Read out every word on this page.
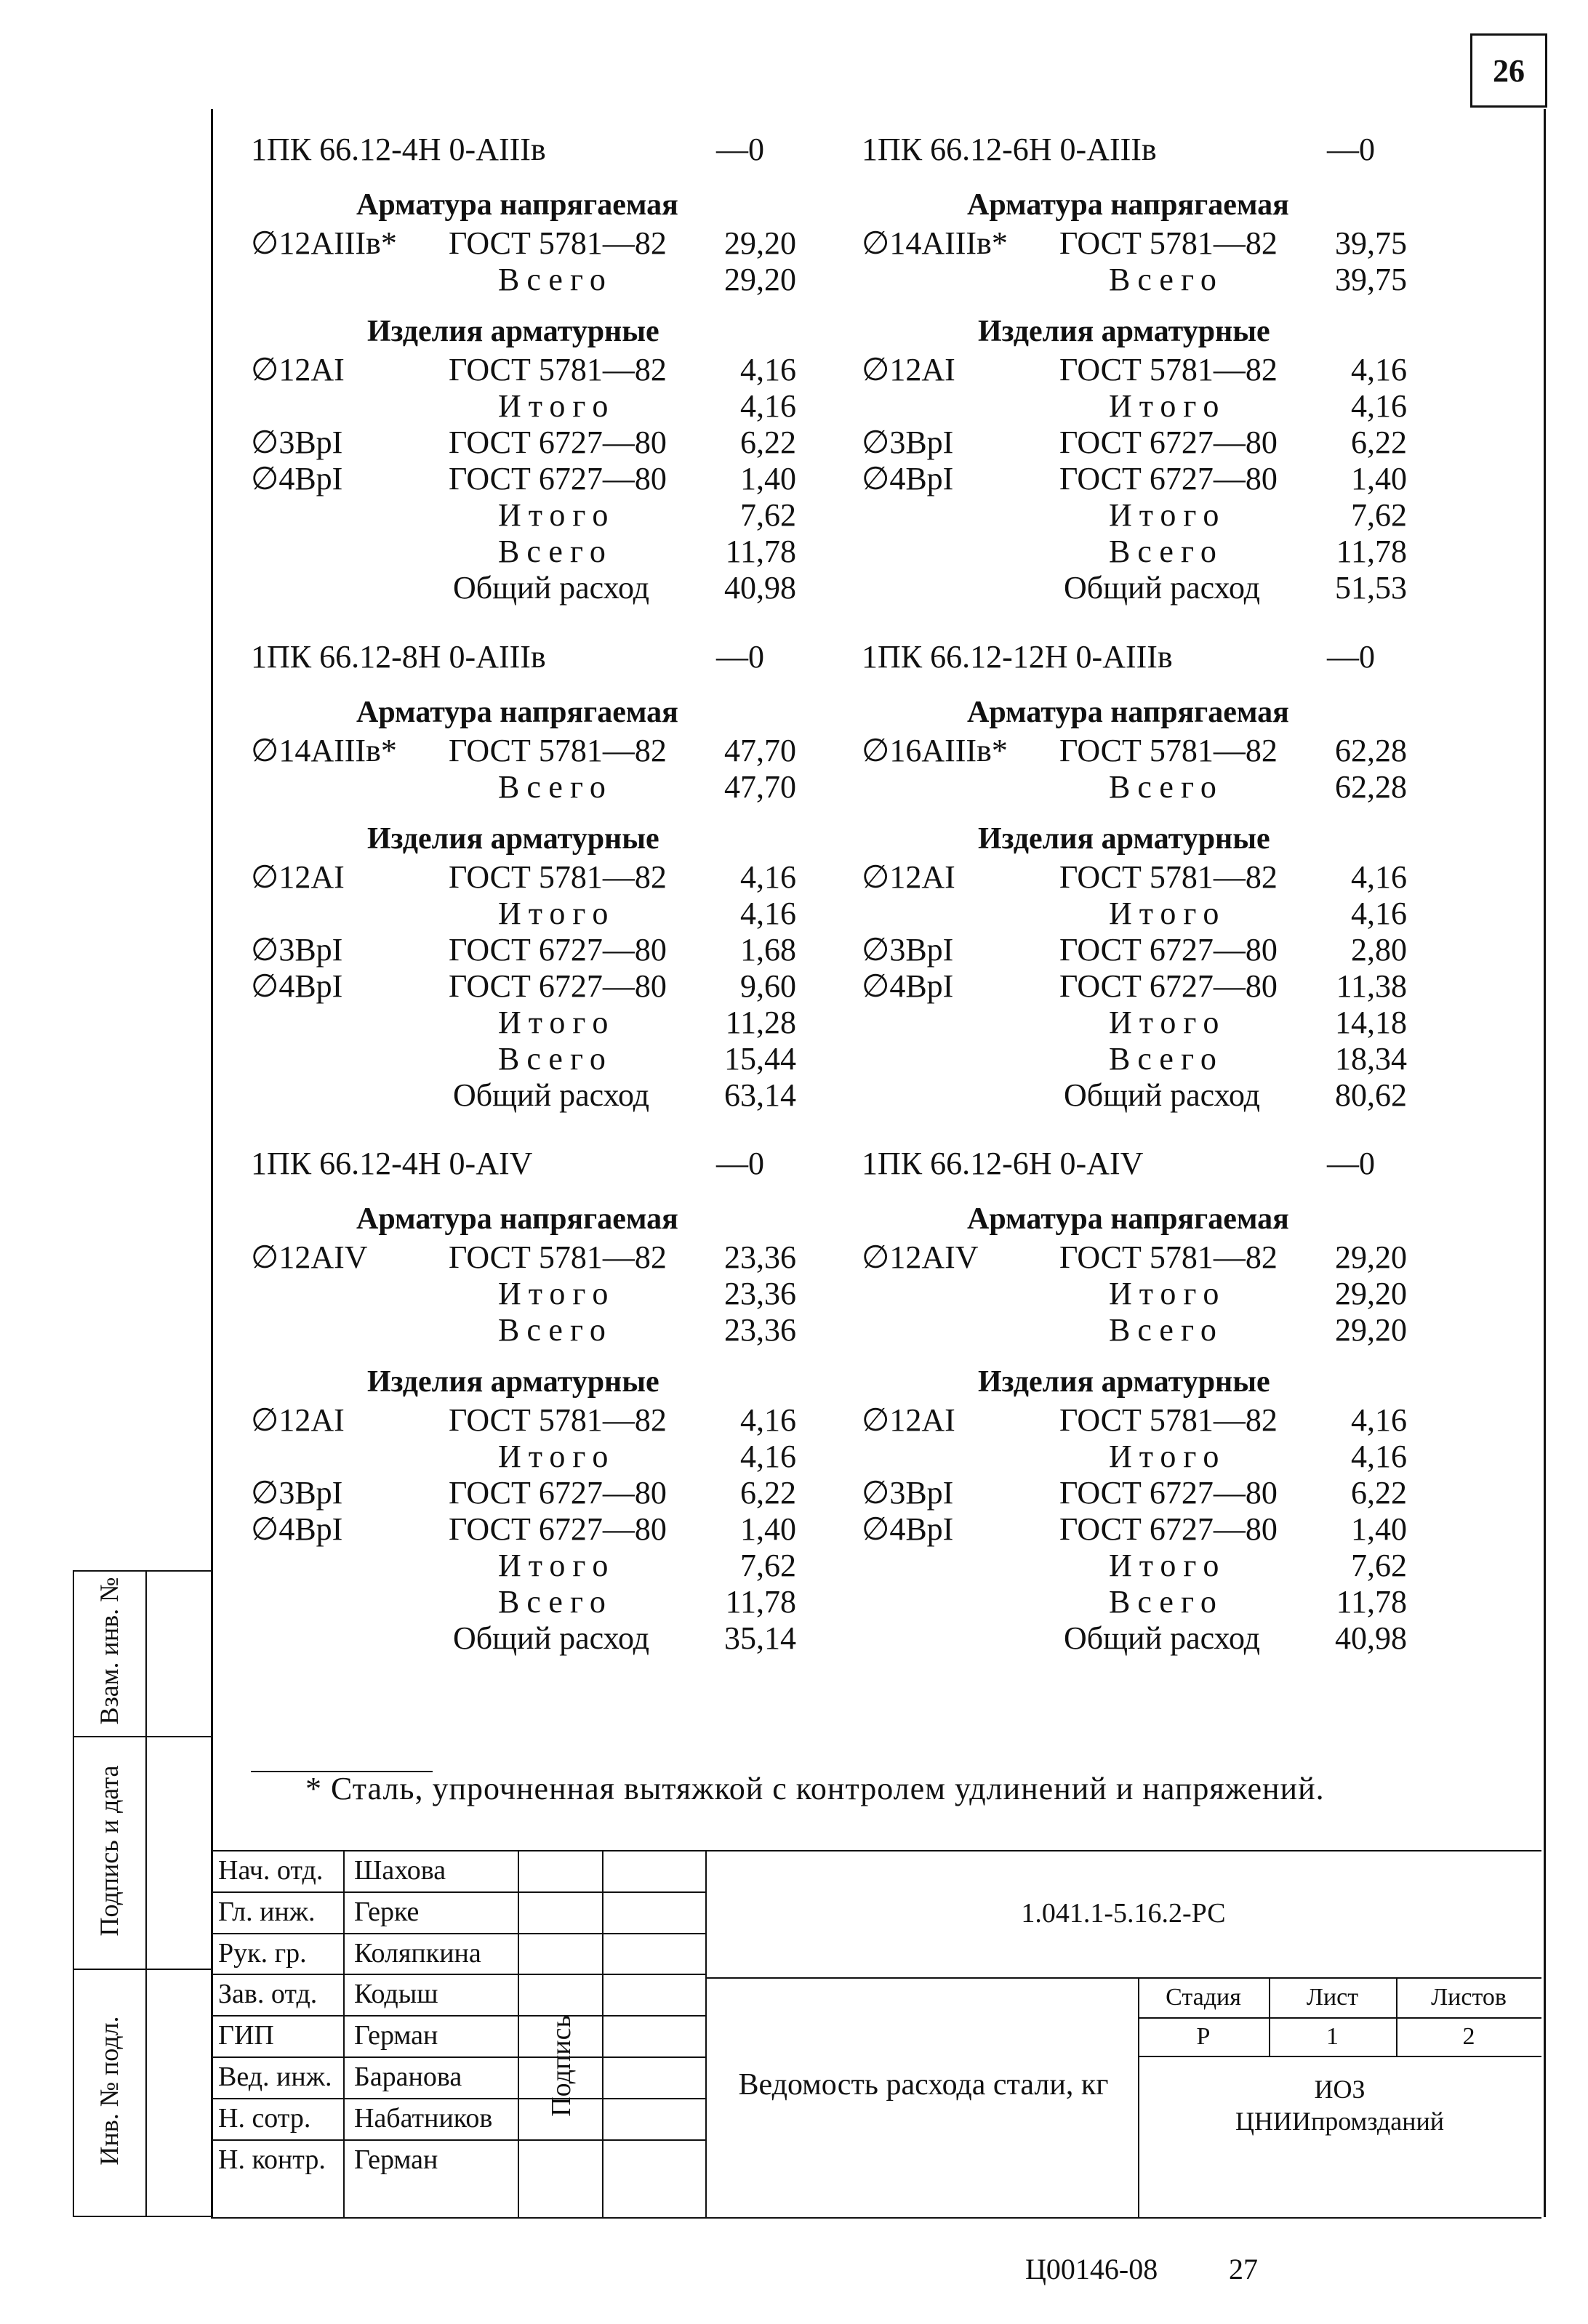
26
1ПК 66.12-4Н 0-АIIIв	—0
Арматура напрягаемая
∅12АIIIв* ГОСТ 5781—82	29,20
Всего	29,20
Изделия арматурные
∅12АI	ГОСТ 5781—82	4,16
Итого	4,16
∅3ВрI	ГОСТ 6727—80	6,22
∅4ВрI	ГОСТ 6727—80	1,40
Итого	7,62
Всего	11,78
Общий расход	40,98
1ПК 66.12-6Н 0-АIIIв	—0
Арматура напрягаемая
∅14АIIIв* ГОСТ 5781—82	39,75
Всего	39,75
Изделия арматурные
∅12АI	ГОСТ 5781—82	4,16
Итого	4,16
∅3ВрI	ГОСТ 6727—80	6,22
∅4ВрI	ГОСТ 6727—80	1,40
Итого	7,62
Всего	11,78
Общий расход	51,53
1ПК 66.12-8Н 0-АIIIв	—0
Арматура напрягаемая
∅14АIIIв* ГОСТ 5781—82	47,70
Всего	47,70
Изделия арматурные
∅12АI	ГОСТ 5781—82	4,16
Итого	4,16
∅3ВрI	ГОСТ 6727—80	1,68
∅4ВрI	ГОСТ 6727—80	9,60
Итого	11,28
Всего	15,44
Общий расход	63,14
1ПК 66.12-12Н 0-АIIIв	—0
Арматура напрягаемая
∅16АIIIв* ГОСТ 5781—82	62,28
Всего	62,28
Изделия арматурные
∅12АI	ГОСТ 5781—82	4,16
Итого	4,16
∅3ВрI	ГОСТ 6727—80	2,80
∅4ВрI	ГОСТ 6727—80	11,38
Итого	14,18
Всего	18,34
Общий расход	80,62
1ПК 66.12-4Н 0-АIV	—0
Арматура напрягаемая
∅12АIV	ГОСТ 5781—82	23,36
Итого	23,36
Всего	23,36
Изделия арматурные
∅12АI	ГОСТ 5781—82	4,16
Итого	4,16
∅3ВрI	ГОСТ 6727—80	6,22
∅4ВрI	ГОСТ 6727—80	1,40
Итого	7,62
Всего	11,78
Общий расход	35,14
1ПК 66.12-6Н 0-АIV	—0
Арматура напрягаемая
∅12АIV	ГОСТ 5781—82	29,20
Итого	29,20
Всего	29,20
Изделия арматурные
∅12АI	ГОСТ 5781—82	4,16
Итого	4,16
∅3ВрI	ГОСТ 6727—80	6,22
∅4ВрI	ГОСТ 6727—80	1,40
Итого	7,62
Всего	11,78
Общий расход	40,98
* Сталь, упрочненная вытяжкой с контролем удлинений и напряжений.
Взам. инв. №
Подпись и дата
Инв. № подл.
Нач. отд. Шахова
Гл. инж. Герке
Рук. гр. Коляпкина
Зав. отд. Кодыш
ГИП	Герман
Вед. инж. Баранова
Н. сотр. Набатников
Н. контр. Герман
Подпись
1.041.1-5.16.2-РС
Ведомость расхода стали, кг
Стадия	Лист	Листов
Р	1	2
ИОЗ
ЦНИИпромзданий
Ц00146-08 27
